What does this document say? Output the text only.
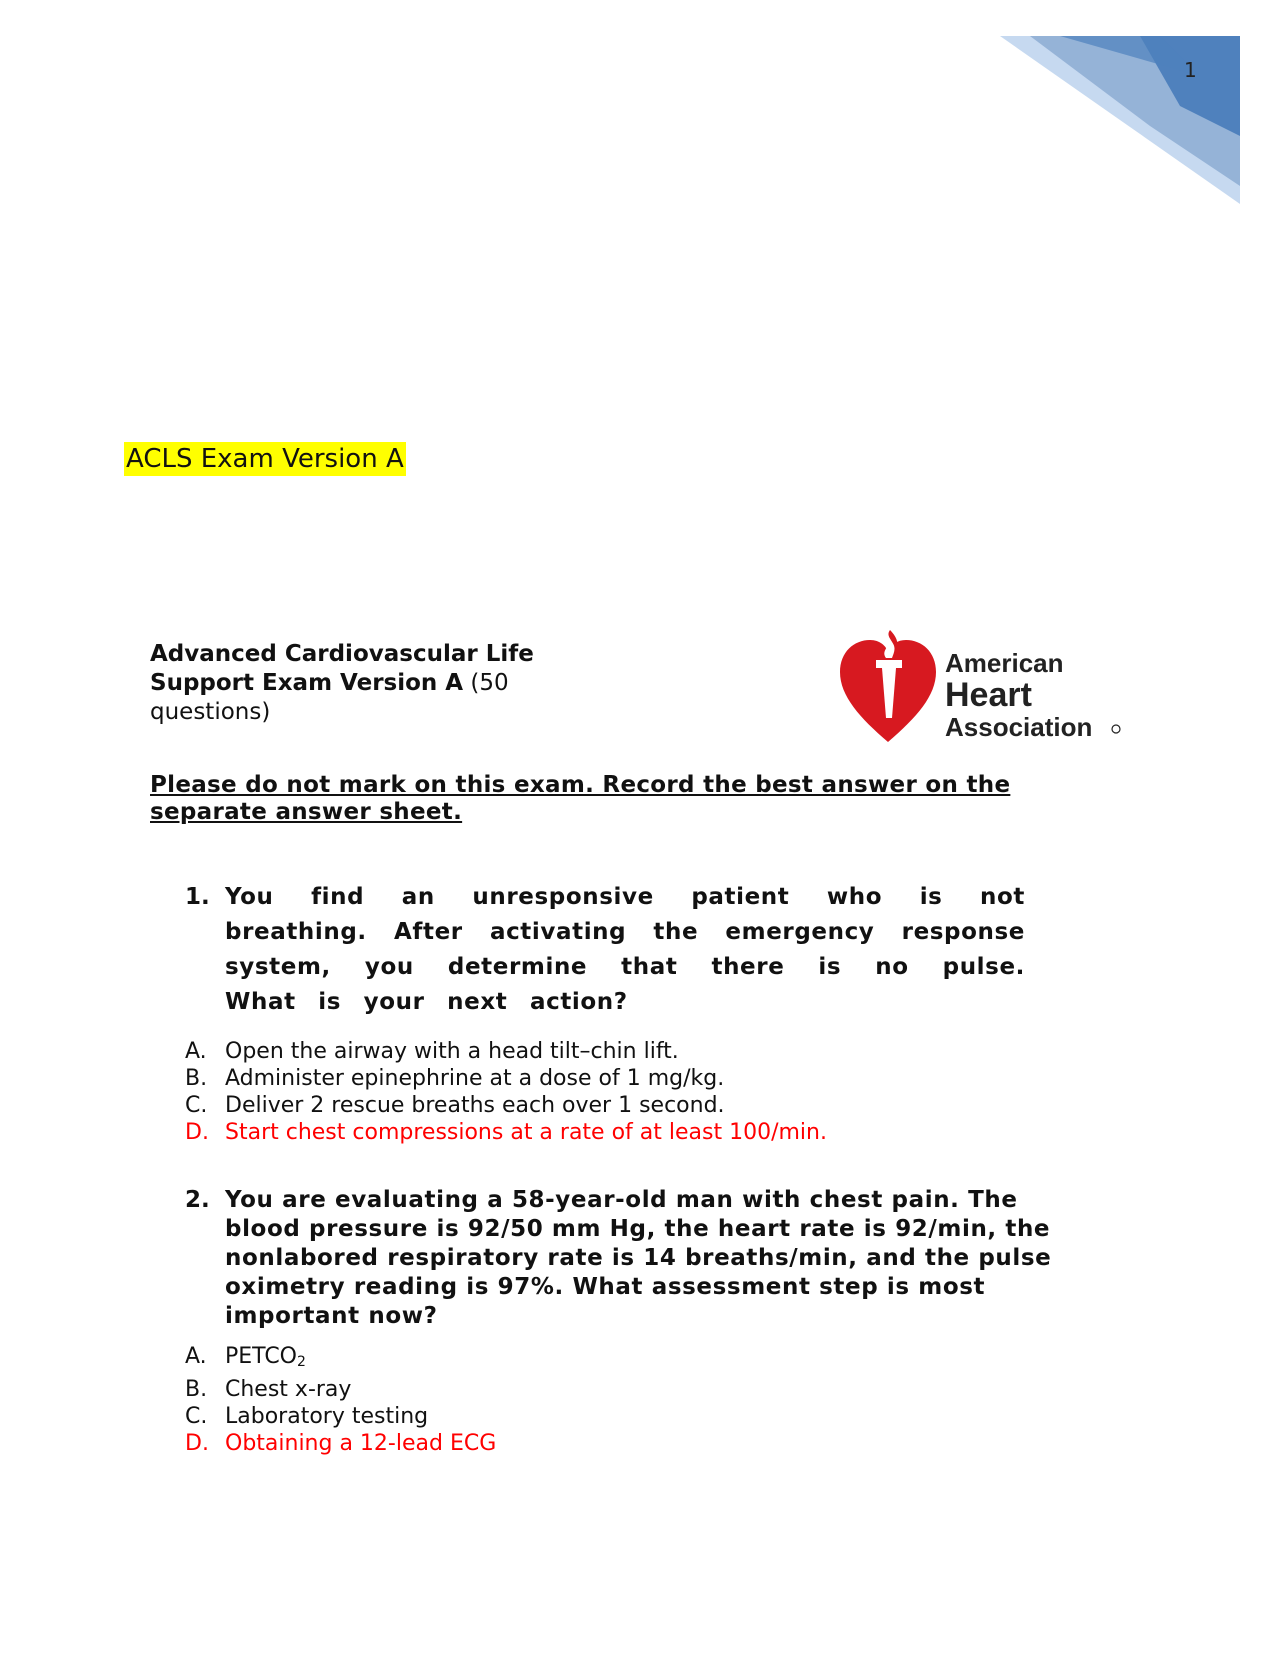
1
ACLS Exam Version A
Advanced Cardiovascular Life Support Exam Version A (50 questions)
American
Heart
Association
Please do not mark on this exam. Record the best answer on the separate answer sheet.
1. You find an unresponsive patient who is not breathing. After activating the emergency response system, you determine that there is no pulse. What is your next action?
A. Open the airway with a head tilt–chin lift.
B. Administer epinephrine at a dose of 1 mg/kg.
C. Deliver 2 rescue breaths each over 1 second.
D. Start chest compressions at a rate of at least 100/min.
2. You are evaluating a 58-year-old man with chest pain. The blood pressure is 92/50 mm Hg, the heart rate is 92/min, the nonlabored respiratory rate is 14 breaths/min, and the pulse oximetry reading is 97%. What assessment step is most important now?
A. $PETCO_2$
B. Chest x-ray
C. Laboratory testing
D. Obtaining a 12-lead ECG
